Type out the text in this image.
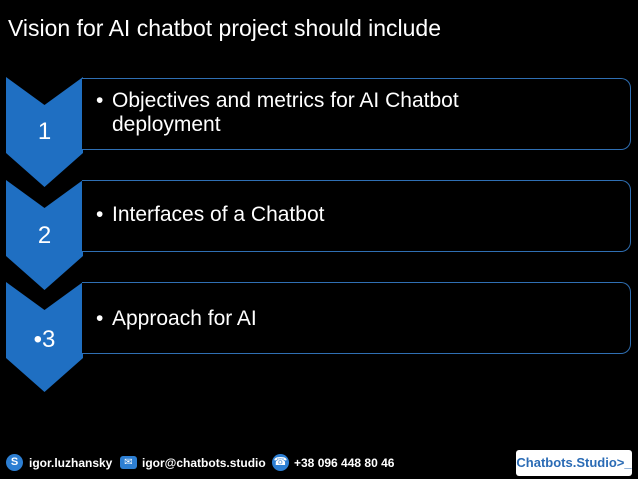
Vision for AI chatbot project should include
1
• Objectives and metrics for AI Chatbot deployment
2
• Interfaces of a Chatbot
•3
• Approach for AI
S igor.luzhansky	✉ igor@chatbots.studio ☎ +38 096 448 80 46	Chatbots.Studio>_
